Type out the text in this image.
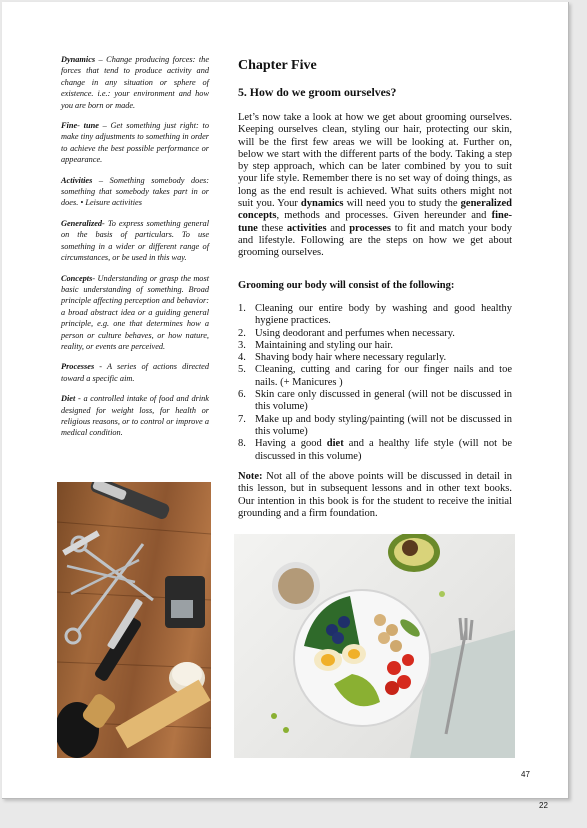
Dynamics – Change producing forces: the forces that tend to produce activity and change in any situation or sphere of existence. i.e.: your environment and how you are born or made.

Fine- tune – Get something just right: to make tiny adjustments to something in order to achieve the best possible performance or appearance.

Activities – Something somebody does: something that somebody takes part in or does. • Leisure activities

Generalized- To express something general on the basis of particulars. To use something in a wider or different range of circumstances, or be used in this way.

Concepts- Understanding or grasp the most basic understanding of something. Broad principle affecting perception and behavior: a broad abstract idea or a guiding general principle, e.g. one that determines how a person or culture behaves, or how nature, reality, or events are perceived.

Processes - A series of actions directed toward a specific aim.

Diet - a controlled intake of food and drink designed for weight loss, for health or religious reasons, or to control or improve a medical condition.

Chapter Five
5. How do we groom ourselves?

Let’s now take a look at how we get about grooming ourselves. Keeping ourselves clean, styling our hair, protecting our skin, will be the first few areas we will be looking at. Further on, below we start with the different parts of the body. Taking a step by step approach, which can be later combined by you to suit your life style. Remember there is no set way of doing things, as long as the end result is achieved. What suits others might not suit you. Your dynamics will need you to study the generalized concepts, methods and processes. Given hereunder and fine-tune these activities and processes to fit and match your body and lifestyle. Following are the steps on how we get about grooming ourselves.

Grooming our body will consist of the following:
1. Cleaning our entire body by washing and good healthy hygiene practices.
2. Using deodorant and perfumes when necessary.
3. Maintaining and styling our hair.
4. Shaving body hair where necessary regularly.
5. Cleaning, cutting and caring for our finger nails and toe nails. (+ Manicures )
6. Skin care only discussed in general (will not be discussed in this volume)
7. Make up and body styling/painting (will not be discussed in this volume)
8. Having a good diet and a healthy life style (will not be discussed in this volume)

Note: Not all of the above points will be discussed in detail in this lesson, but in subsequent lessons and in other text books. Our intention in this book is for the student to receive the initial grounding and a firm foundation.

47

22
